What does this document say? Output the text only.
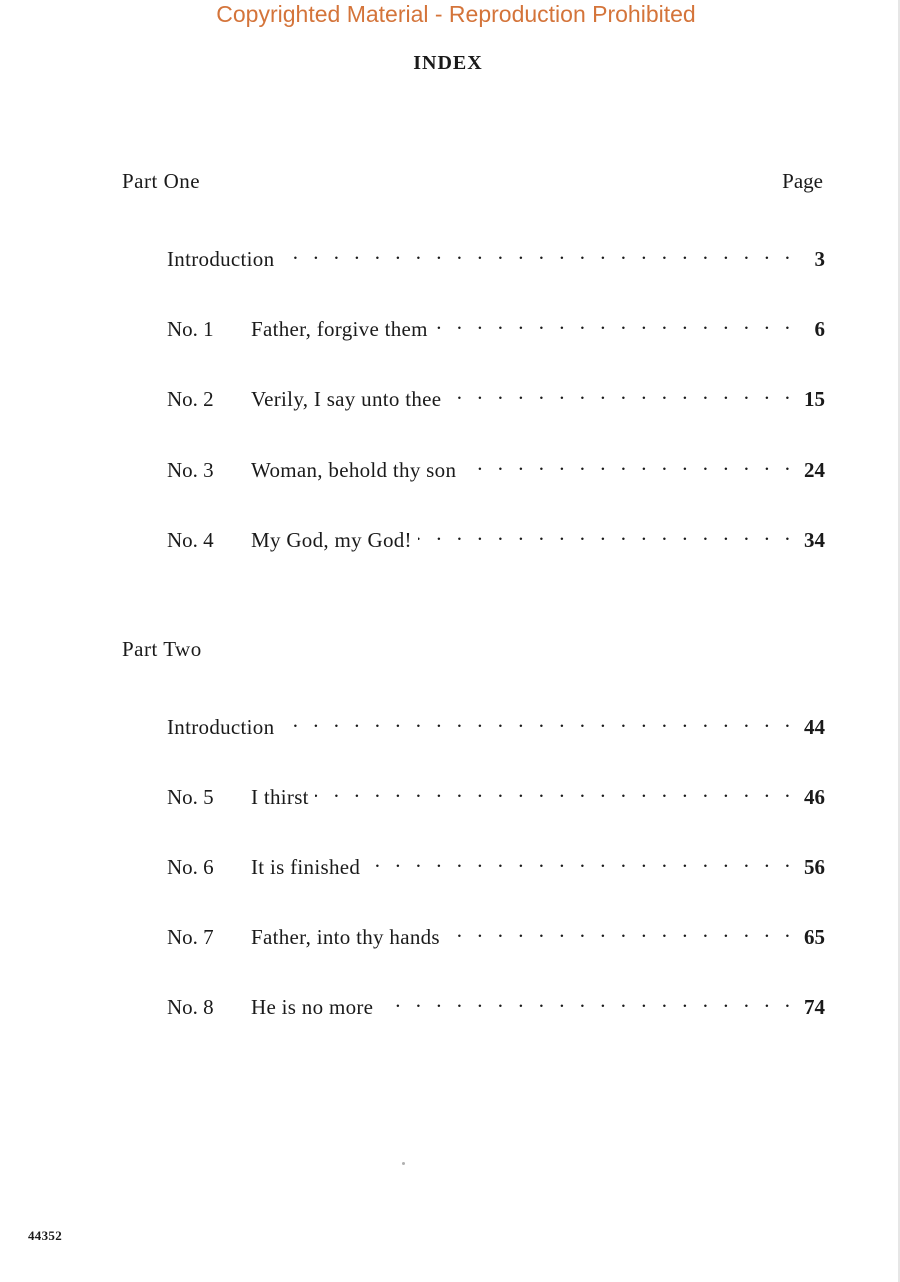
Copyrighted Material - Reproduction Prohibited
INDEX
Part One	Page
Introduction . . .	3
No. 1	Father, forgive them . . .	6
No. 2	Verily, I say unto thee . . .	15
No. 3	Woman, behold thy son . . .	24
No. 4	My God, my God! . . .	34
Part Two
Introduction . . .	44
No. 5	I thirst . . .	46
No. 6	It is finished . . .	56
No. 7	Father, into thy hands . . .	65
No. 8	He is no more . . .	74
44352
